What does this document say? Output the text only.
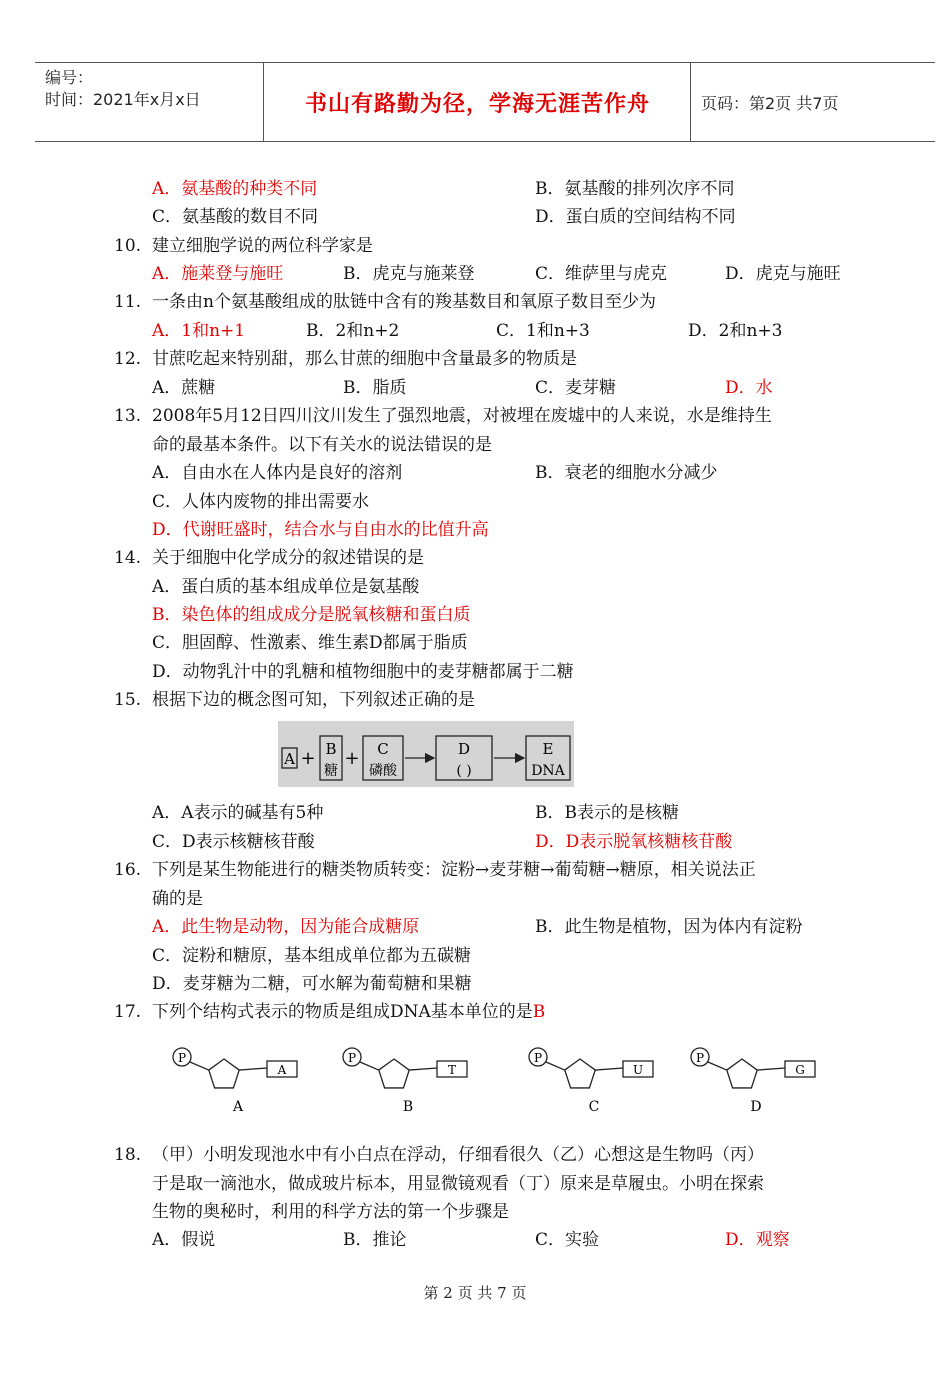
编号：
时间：2021年x月x日	书山有路勤为径，学海无涯苦作舟	页码：第2页 共7页
A．氨基酸的种类不同	B．氨基酸的排列次序不同
C．氨基酸的数目不同	D．蛋白质的空间结构不同
10. 建立细胞学说的两位科学家是
A．施莱登与施旺	B．虎克与施莱登	C．维萨里与虎克	D．虎克与施旺
11. 一条由n个氨基酸组成的肽链中含有的羧基数目和氧原子数目至少为
A．1和n+1	B．2和n+2	C．1和n+3	D．2和n+3
12. 甘蔗吃起来特别甜，那么甘蔗的细胞中含量最多的物质是
A．蔗糖	B．脂质	C．麦芽糖	D．水
13. 2008年5月12日四川汶川发生了强烈地震，对被埋在废墟中的人来说，水是维持生
命的最基本条件。以下有关水的说法错误的是
A．自由水在人体内是良好的溶剂	B．衰老的细胞水分减少
C．人体内废物的排出需要水
D．代谢旺盛时，结合水与自由水的比值升高
14. 关于细胞中化学成分的叙述错误的是
A．蛋白质的基本组成单位是氨基酸
B．染色体的组成成分是脱氧核糖和蛋白质
C．胆固醇、性激素、维生素D都属于脂质
D．动物乳汁中的乳糖和植物细胞中的麦芽糖都属于二糖
15. 根据下边的概念图可知，下列叙述正确的是
A + B
糖
+ C
磷酸
D
( )
E
DNA
A．A表示的碱基有5种	B．B表示的是核糖
C．D表示核糖核苷酸	D．D表示脱氧核糖核苷酸
16. 下列是某生物能进行的糖类物质转变：淀粉→麦芽糖→葡萄糖→糖原，相关说法正
确的是
A．此生物是动物，因为能合成糖原	B．此生物是植物，因为体内有淀粉
C．淀粉和糖原，基本组成单位都为五碳糖
D．麦芽糖为二糖，可水解为葡萄糖和果糖
17. 下列个结构式表示的物质是组成DNA基本单位的是B
P
A
A
P
T
B
P
U
C
P
G
D
18. （甲）小明发现池水中有小白点在浮动，仔细看很久（乙）心想这是生物吗（丙）
于是取一滴池水，做成玻片标本，用显微镜观看（丁）原来是草履虫。小明在探索
生物的奥秘时，利用的科学方法的第一个步骤是
A．假说	B．推论	C．实验	D．观察
第 2 页 共 7 页
